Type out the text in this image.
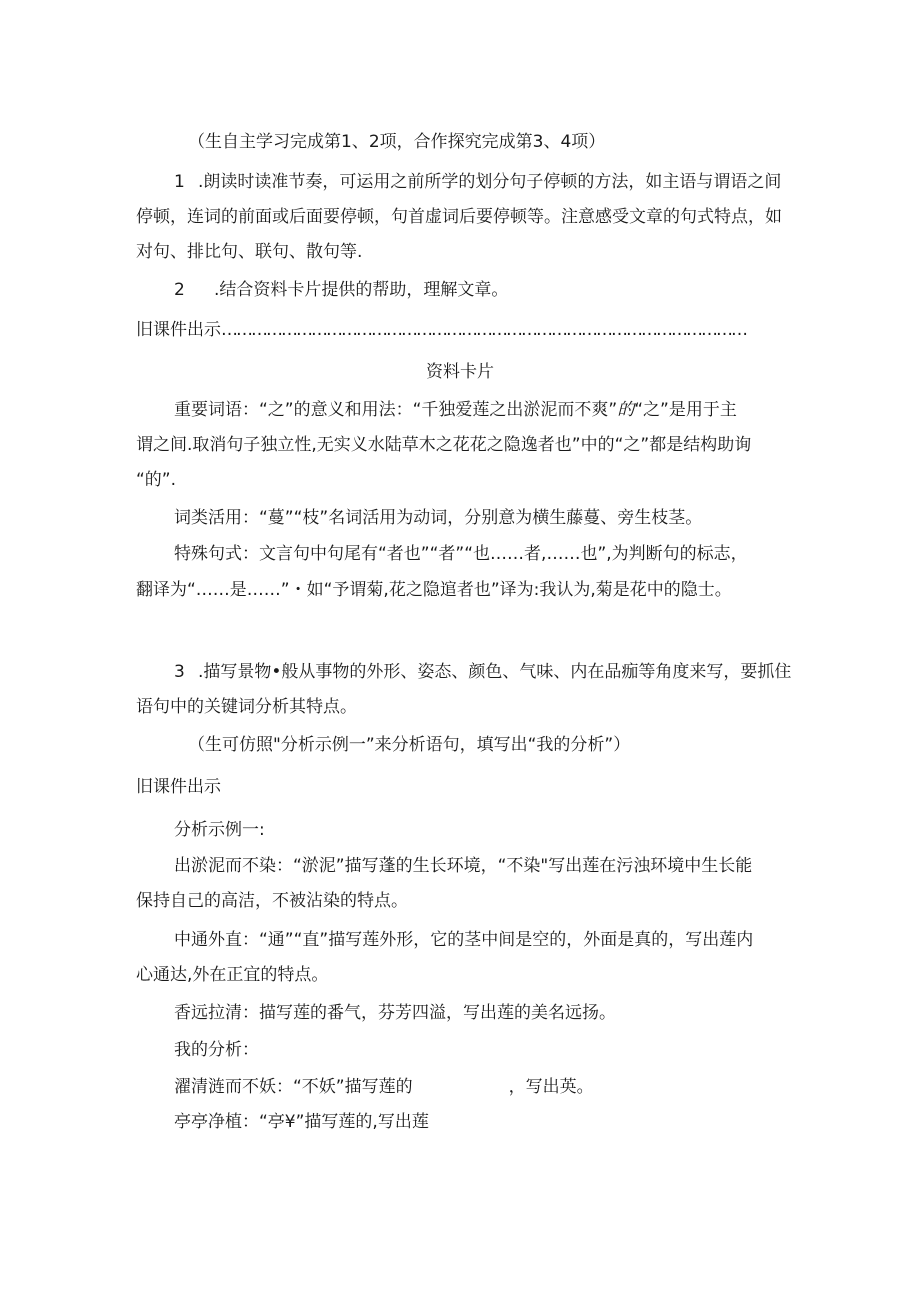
（生自主学习完成第1、2项，合作探究完成第3、4项）
1 .朗读时读准节奏，可运用之前所学的划分句子停顿的方法，如主语与谓语之间
停顿，连词的前面或后面要停顿，句首虚词后要停顿等。注意感受文章的句式特点，如
对句、排比句、联句、散句等.
2 .结合资料卡片提供的帮助，理解文章。
旧课件出示……………………………………………………………………………………………
资料卡片
重要词语：“之”的意义和用法：“千独爱莲之出淤泥而不爽”的“之”是用于主
谓之间.取消句子独立性,无实义水陆草木之花花之隐逸者也”中的“之”都是结构助询
“的”.
词类活用：“蔓”“枝”名词活用为动词，分别意为横生藤蔓、旁生枝茎。
特殊句式：文言句中句尾有“者也”“者”“也……者,……也”,为判断句的标志，
翻译为“……是……”・如“予谓菊,花之隐逭者也”译为:我认为,菊是花中的隐士。
3 .描写景物•般从事物的外形、姿态、颜色、气味、内在品痂等角度来写，要抓住
语句中的关键词分析其特点。
（生可仿照"分析示例一”来分析语句，填写出“我的分析”）
旧课件出示
分析示例一:
出淤泥而不染：“淤泥”描写蓬的生长环境，“不染"写出莲在污浊环境中生长能
保持自己的高洁，不被沾染的特点。
中通外直：“通”“直”描写莲外形，它的茎中间是空的，外面是真的，写出莲内
心通达,外在正宜的特点。
香远拉清：描写莲的番气，芬芳四溢，写出莲的美名远扬。
我的分析：
濯清涟而不妖：“不妖”描写莲的	，写出英。
亭亭净植：“亭¥”描写莲的,写出莲
